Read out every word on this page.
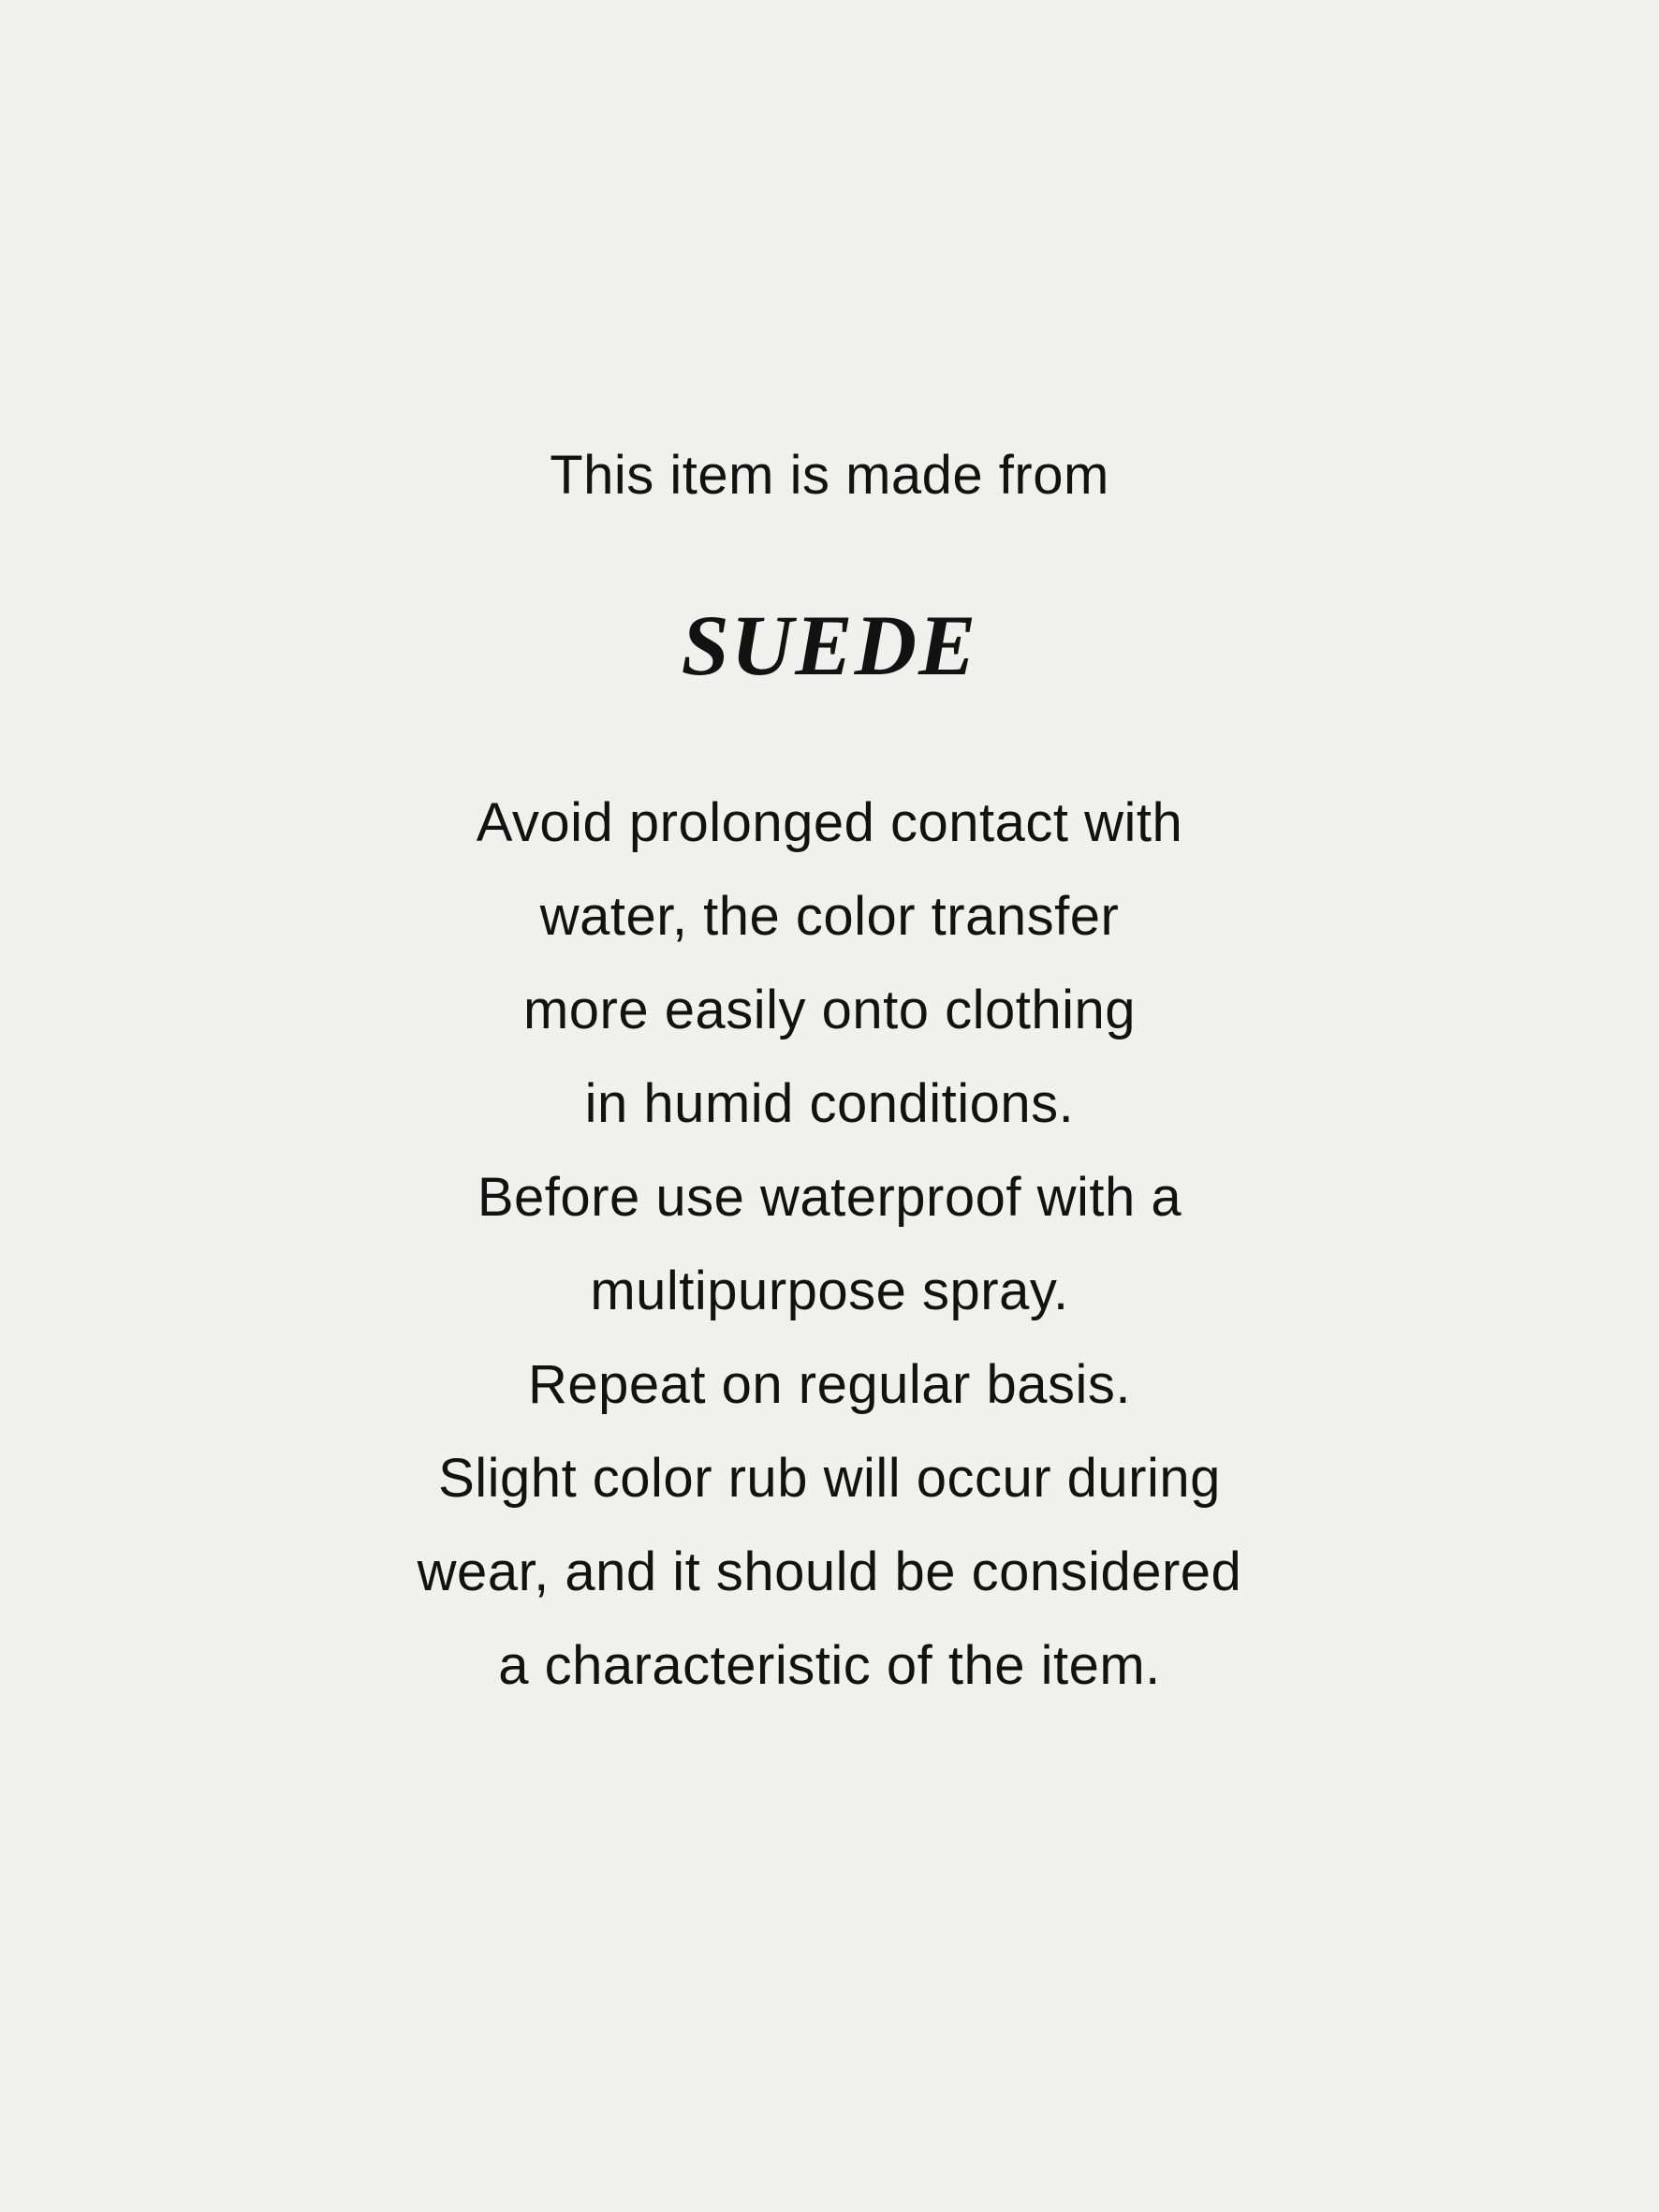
This item is made from

SUEDE

Avoid prolonged contact with

water, the color transfer

more easily onto clothing

in humid conditions.

Before use waterproof with a

multipurpose spray.

Repeat on regular basis.

Slight color rub will occur during

wear, and it should be considered

a characteristic of the item.
